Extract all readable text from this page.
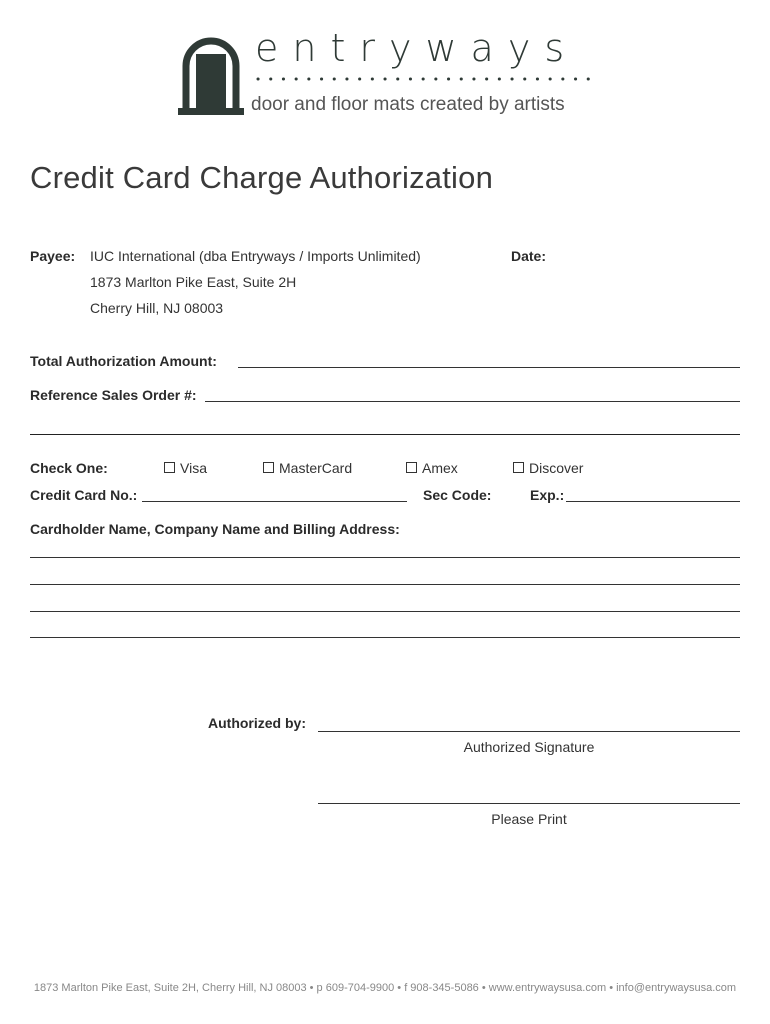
entryways
door and floor mats created by artists
Credit Card Charge Authorization
Payee: IUC International (dba Entryways / Imports Unlimited)
1873 Marlton Pike East, Suite 2H
Cherry Hill, NJ 08003
Date:
Total Authorization Amount:
Reference Sales Order #:
Check One:	Visa	MasterCard	Amex	Discover
Credit Card No.:	Sec Code:	Exp.:
Cardholder Name, Company Name and Billing Address:
Authorized by:
Authorized Signature
Please Print
1873 Marlton Pike East, Suite 2H, Cherry Hill, NJ 08003 • p 609-704-9900 • f 908-345-5086 • www.entrywaysusa.com • info@entrywaysusa.com
